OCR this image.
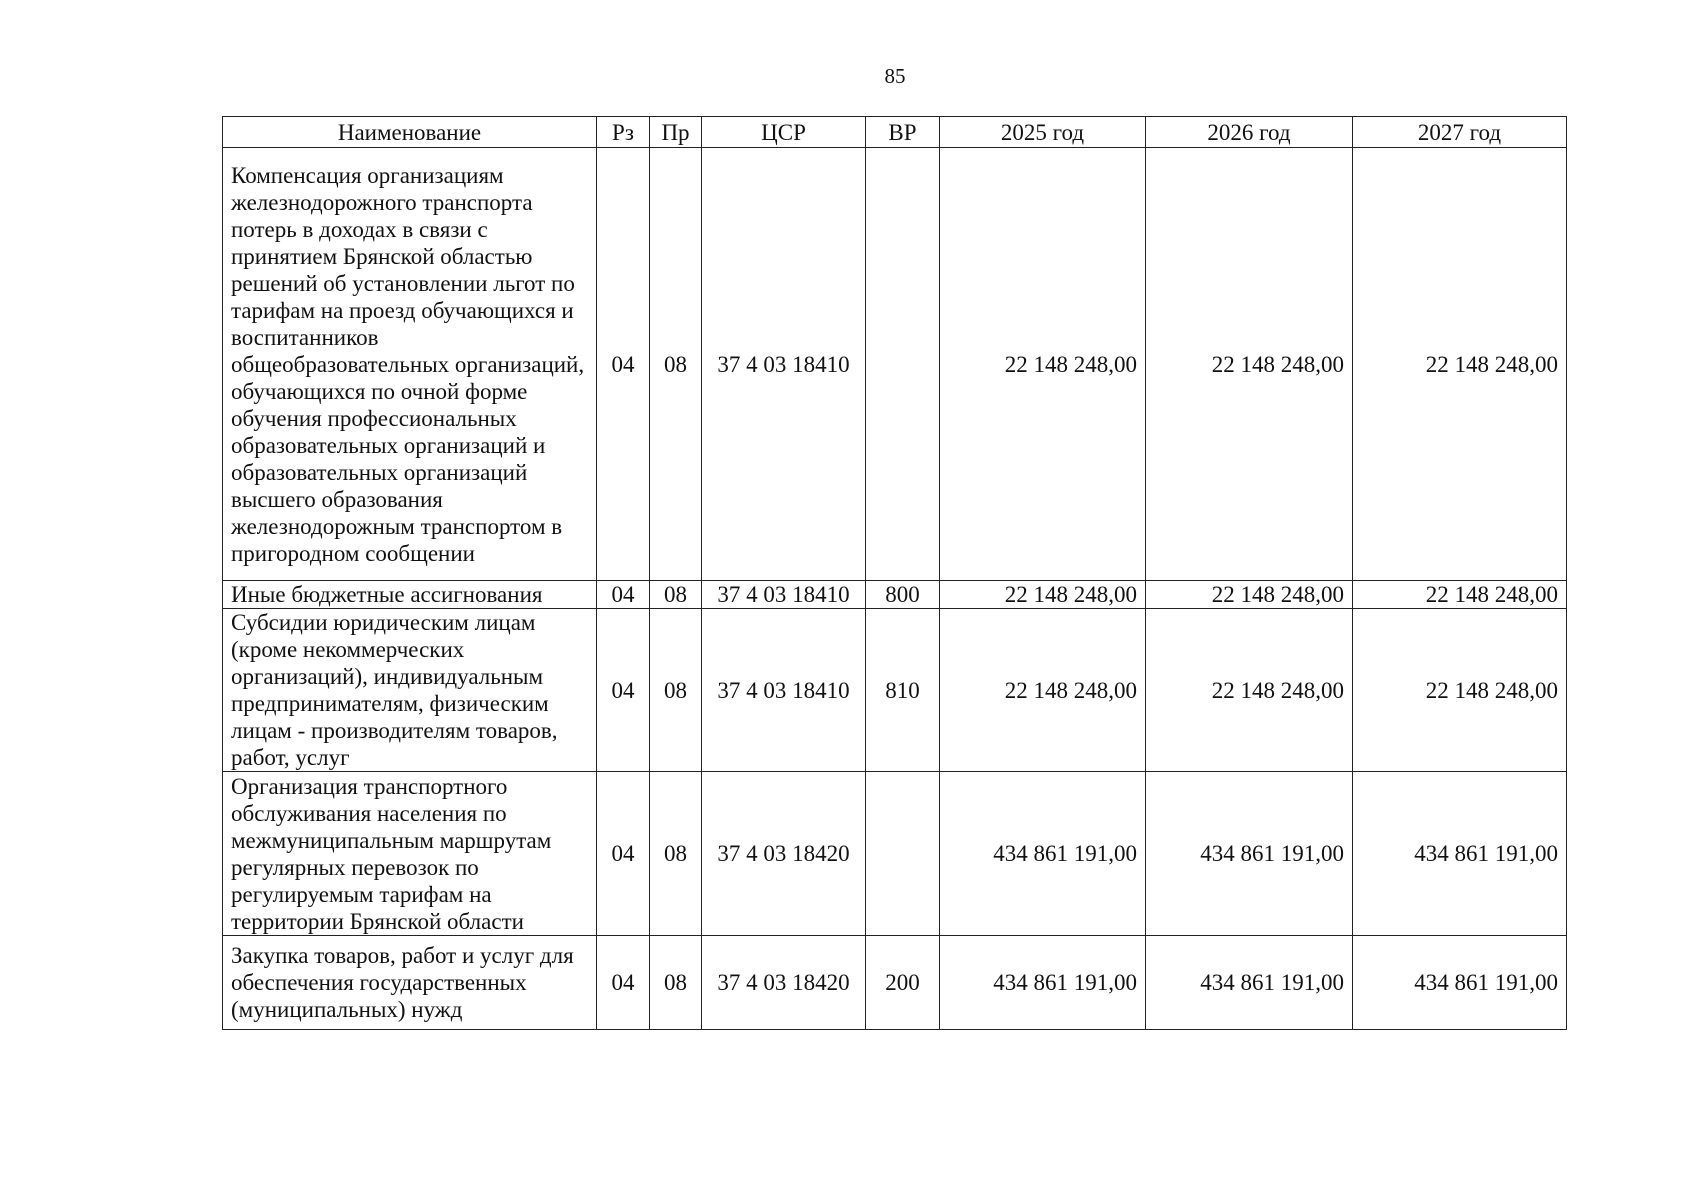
85
Наименование	Рз	Пр	ЦСР	ВР	2025 год	2026 год	2027 год
Компенсация организациям железнодорожного транспорта потерь в доходах в связи с принятием Брянской областью решений об установлении льгот по тарифам на проезд обучающихся и воспитанников общеобразовательных организаций, обучающихся по очной форме обучения профессиональных образовательных организаций и образовательных организаций высшего образования железнодорожным транспортом в пригородном сообщении	04	08	37 4 03 18410		22 148 248,00	22 148 248,00	22 148 248,00
Иные бюджетные ассигнования	04	08	37 4 03 18410	800	22 148 248,00	22 148 248,00	22 148 248,00
Субсидии юридическим лицам (кроме некоммерческих организаций), индивидуальным предпринимателям, физическим лицам - производителям товаров, работ, услуг	04	08	37 4 03 18410	810	22 148 248,00	22 148 248,00	22 148 248,00
Организация транспортного обслуживания населения по межмуниципальным маршрутам регулярных перевозок по регулируемым тарифам на территории Брянской области	04	08	37 4 03 18420		434 861 191,00	434 861 191,00	434 861 191,00
Закупка товаров, работ и услуг для обеспечения государственных (муниципальных) нужд	04	08	37 4 03 18420	200	434 861 191,00	434 861 191,00	434 861 191,00
